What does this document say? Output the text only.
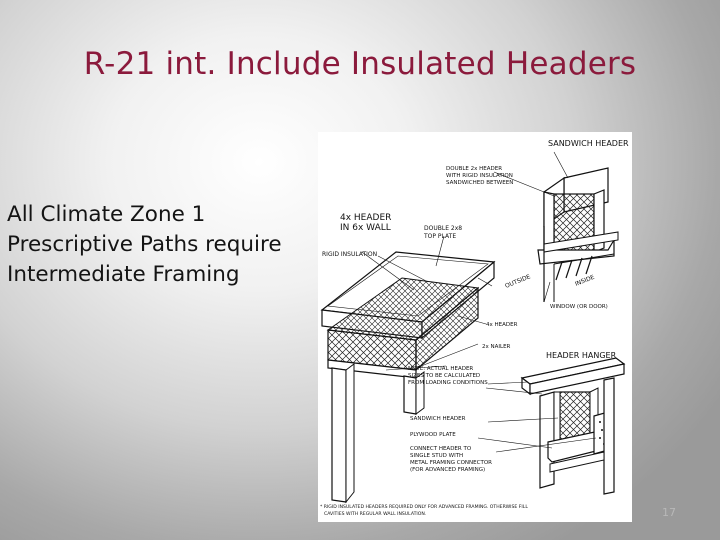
R-21 int. Include Insulated Headers
All Climate Zone 1
Prescriptive Paths require
Intermediate Framing
SANDWICH HEADER
DOUBLE 2x HEADER
WITH RIGID INSULATION
SANDWICHED BETWEEN
4x HEADER
IN 6x WALL	DOUBLE 2x8
TOP PLATE
RIGID INSULATION
OUTSIDE	INSIDE
WINDOW (OR DOOR)
4x HEADER
2x NAILER
HEADER HANGER
NOTE: ACTUAL HEADER
SIZES TO BE CALCULATED
FROM LOADING CONDITIONS
SANDWICH HEADER
PLYWOOD PLATE
CONNECT HEADER TO
SINGLE STUD WITH
METAL FRAMING CONNECTOR
(FOR ADVANCED FRAMING)
* RIGID INSULATED HEADERS REQUIRED ONLY FOR ADVANCED FRAMING. OTHERWISE FILL
CAVITIES WITH REGULAR WALL INSULATION.	17
